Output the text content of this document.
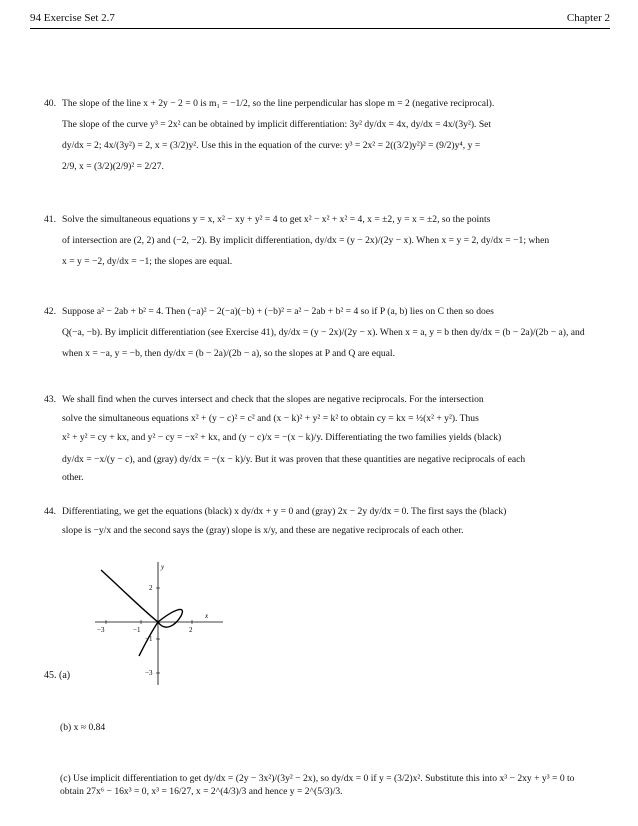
94 Exercise Set 2.7	Chapter 2
40. The slope of the line x + 2y − 2 = 0 is m₁ = −1/2, so the line perpendicular has slope m = 2 (negative reciprocal).
The slope of the curve y³ = 2x² can be obtained by implicit differentiation: 3y² dy/dx = 4x, dy/dx = 4x/(3y²). Set
dy/dx = 2; 4x/(3y²) = 2, x = (3/2)y². Use this in the equation of the curve: y³ = 2x² = 2((3/2)y²)² = (9/2)y⁴, y =
2/9, x = (3/2)(2/9)² = 2/27.
41. Solve the simultaneous equations y = x, x² − xy + y² = 4 to get x² − x² + x² = 4, x = ±2, y = x = ±2, so the points
of intersection are (2, 2) and (−2, −2). By implicit differentiation, dy/dx = (y − 2x)/(2y − x). When x = y = 2, dy/dx = −1; when
x = y = −2, dy/dx = −1; the slopes are equal.
42. Suppose a² − 2ab + b² = 4. Then (−a)² − 2(−a)(−b) + (−b)² = a² − 2ab + b² = 4 so if P (a, b) lies on C then so does
Q(−a, −b). By implicit differentiation (see Exercise 41), dy/dx = (y − 2x)/(2y − x). When x = a, y = b then dy/dx = (b − 2a)/(2b − a), and
when x = −a, y = −b, then dy/dx = (b − 2a)/(2b − a), so the slopes at P and Q are equal.
43. We shall find when the curves intersect and check that the slopes are negative reciprocals. For the intersection
solve the simultaneous equations x² + (y − c)² = c² and (x − k)² + y² = k² to obtain cy = kx = ½(x² + y²). Thus
x² + y² = cy + kx, and y² − cy = −x² + kx, and (y − c)/x = −(x − k)/y. Differentiating the two families yields (black)
dy/dx = −x/(y − c), and (gray) dy/dx = −(x − k)/y. But it was proven that these quantities are negative reciprocals of each
other.
44. Differentiating, we get the equations (black) x dy/dx + y = 0 and (gray) 2x − 2y dy/dx = 0. The first says the (black)
slope is −y/x and the second says the (gray) slope is x/y, and these are negative reciprocals of each other.
−3	−1	2
2
−1
−3
x
y
45. (a)
(b) x ≈ 0.84
(c) Use implicit differentiation to get dy/dx = (2y − 3x²)/(3y² − 2x), so dy/dx = 0 if y = (3/2)x². Substitute this into x³ − 2xy + y³ = 0 to obtain 27x⁶ − 16x³ = 0, x³ = 16/27, x = 2^(4/3)/3 and hence y = 2^(5/3)/3.
